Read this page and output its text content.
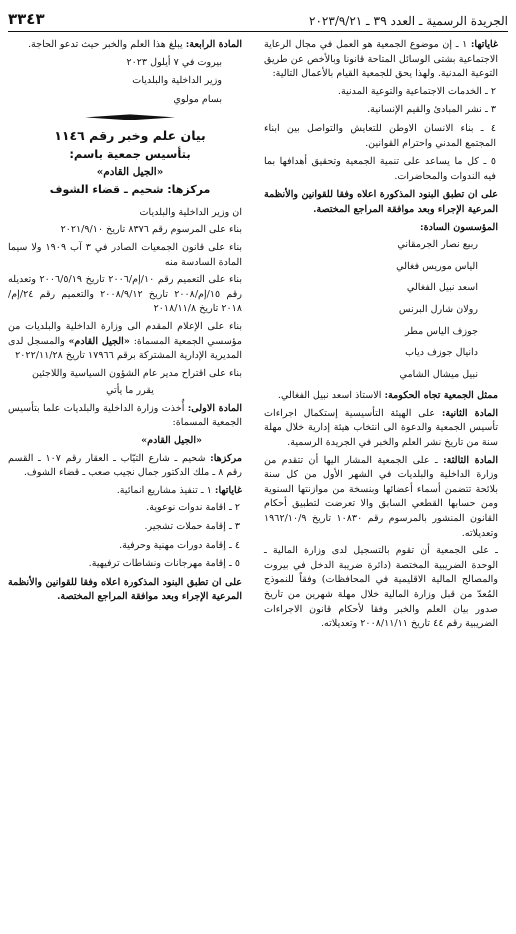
الجريدة الرسمية ـ العدد ٣٩ ـ ٢٠٢٣/٩/٢١
٣٣٤٣

غاياتها: ١ ـ إن موضوع الجمعية هو العمل في مجال الرعاية الاجتماعية بشتى الوسائل المتاحة قانونا وبالأخص عن طريق التوعية المدنية. ولهذا يحق للجمعية القيام بالأعمال التالية:

٢ ـ الخدمات الاجتماعية والتوعية المدنية.

٣ ـ نشر المبادئ والقيم الإنسانية.

٤ ـ بناء الانسان الاوطن للتعايش والتواصل بين ابناء المجتمع المدني واحترام القوانين.

٥ ـ كل ما يساعد على تنمية الجمعية وتحقيق أهدافها بما فيه الندوات والمحاضرات.

على ان تطبق البنود المذكورة اعلاه وفقا للقوانين والأنظمة المرعية الإجراء وبعد موافقة المراجع المختصة.

المؤسسون السادة:

ربيع نصار الجرمقاني

الياس موريس فغالي

اسعد نبيل الفغالي

رولان شارل البرنس

جوزف الياس مطر

دانيال جوزف دياب

نبيل ميشال الشامي

ممثل الجمعية تجاه الحكومة: الاستاذ اسعد نبيل الفغالي.

المادة الثانية: على الهيئة التأسيسية إستكمال اجراءات تأسيس الجمعية والدعوة الى انتخاب هيئة إدارية خلال مهلة سنة من تاريخ نشر العلم والخبر في الجريدة الرسمية.

المادة الثالثة: ـ على الجمعية المشار اليها أن تتقدم من وزارة الداخلية والبلديات في الشهر الأول من كل سنة بلائحة تتضمن أسماء أعضائها وبنسخة من موازنتها السنوية ومن حسابها القطعي السابق والا تعرضت لتطبيق أحكام القانون المنشور بالمرسوم رقم ١٠٨٣٠ تاريخ ١٩٦٢/١٠/٩ وتعديلاته.

ـ على الجمعية أن تقوم بالتسجيل لدى وزارة المالية ـ الوحدة الضريبية المختصة (دائرة ضريبة الدخل في بيروت والمصالح المالية الاقليمية في المحافظات) وفقاً للنموذج المُعدّ من قبل وزارة المالية خلال مهلة شهرين من تاريخ صدور بيان العلم والخبر وفقا لأحكام قانون الاجراءات الضريبية رقم ٤٤ تاريخ ٢٠٠٨/١١/١١ وتعديلاته.

المادة الرابعة: يبلغ هذا العلم والخبر حيث تدعو الحاجة.

بيروت في ٧ أيلول ٢٠٢٣

وزير الداخلية والبلديات

بسام مولوي

بيان علم وخبر رقم ١١٤٦
بتأسيس جمعية باسم:
«الجيل القادم»
مركزها: شحيم ـ قضاء الشوف

ان وزير الداخلية والبلديات

بناء على المرسوم رقم ٨٣٧٦ تاريخ ٢٠٢١/٩/١٠

بناء على قانون الجمعيات الصادر في ٣ آب ١٩٠٩ ولا سيما المادة السادسة منه

بناء على التعميم رقم ١٠/إم/٢٠٠٦ تاريخ ٢٠٠٦/٥/١٩ وتعديله رقم ١٥/إم/٢٠٠٨ تاريخ ٢٠٠٨/٩/١٢ والتعميم رقم ٢٤/إم/٢٠١٨ تاريخ ٢٠١٨/١١/٨

بناء على الإعلام المقدم الى وزارة الداخلية والبلديات من مؤسسي الجمعية المسماة: «الجيل القادم» والمسجل لدى المديرية الإدارية المشتركة برقم ١٧٩٦٦ تاريخ ٢٠٢٢/١١/٢٨

بناء على اقتراح مدير عام الشؤون السياسية واللاجئين

يقرر ما يأتي

المادة الاولى: أُخذت وزارة الداخلية والبلديات علما بتأسيس الجمعية المسماة:

«الجيل القادم»

مركزها: شحيم ـ شارع التيّاب ـ العقار رقم ١٠٧ ـ القسم رقم ٨ ـ ملك الدكتور جمال نجيب صعب ـ قضاء الشوف.

غاياتها: ١ ـ تنفيذ مشاريع انمائية.

٢ ـ اقامة ندوات نوعوية.

٣ ـ إقامة حملات تشجير.

٤ ـ إقامة دورات مهنية وحرفية.

٥ ـ إقامة مهرجانات ونشاطات ترفيهية.

على ان تطبق البنود المذكورة اعلاه وفقا للقوانين والأنظمة المرعية الإجراء وبعد موافقة المراجع المختصة.
